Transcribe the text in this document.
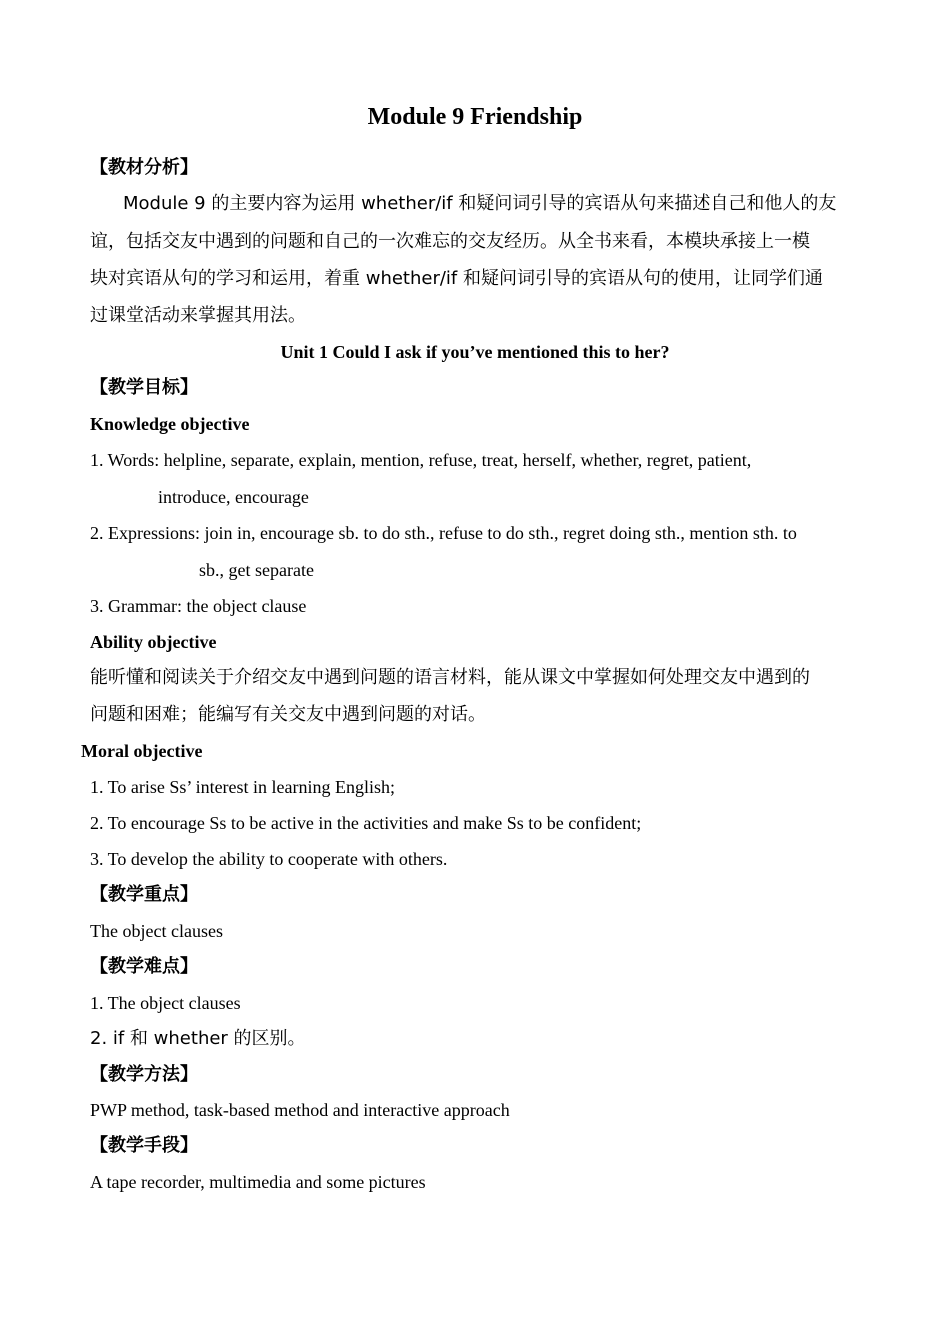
Module 9 Friendship
【教材分析】
Module 9 的主要内容为运用 whether/if 和疑问词引导的宾语从句来描述自己和他人的友
谊，包括交友中遇到的问题和自己的一次难忘的交友经历。从全书来看，本模块承接上一模
块对宾语从句的学习和运用，着重 whether/if 和疑问词引导的宾语从句的使用，让同学们通
过课堂活动来掌握其用法。
Unit 1 Could I ask if you’ve mentioned this to her?
【教学目标】
Knowledge objective
1. Words: helpline, separate, explain, mention, refuse, treat, herself, whether, regret, patient,
introduce, encourage
2. Expressions: join in, encourage sb. to do sth., refuse to do sth., regret doing sth., mention sth. to
sb., get separate
3. Grammar: the object clause
Ability objective
能听懂和阅读关于介绍交友中遇到问题的语言材料，能从课文中掌握如何处理交友中遇到的
问题和困难；能编写有关交友中遇到问题的对话。
Moral objective
1. To arise Ss’ interest in learning English;
2. To encourage Ss to be active in the activities and make Ss to be confident;
3. To develop the ability to cooperate with others.
【教学重点】
The object clauses
【教学难点】
1. The object clauses
2. if 和 whether 的区别。
【教学方法】
PWP method, task-based method and interactive approach
【教学手段】
A tape recorder, multimedia and some pictures
